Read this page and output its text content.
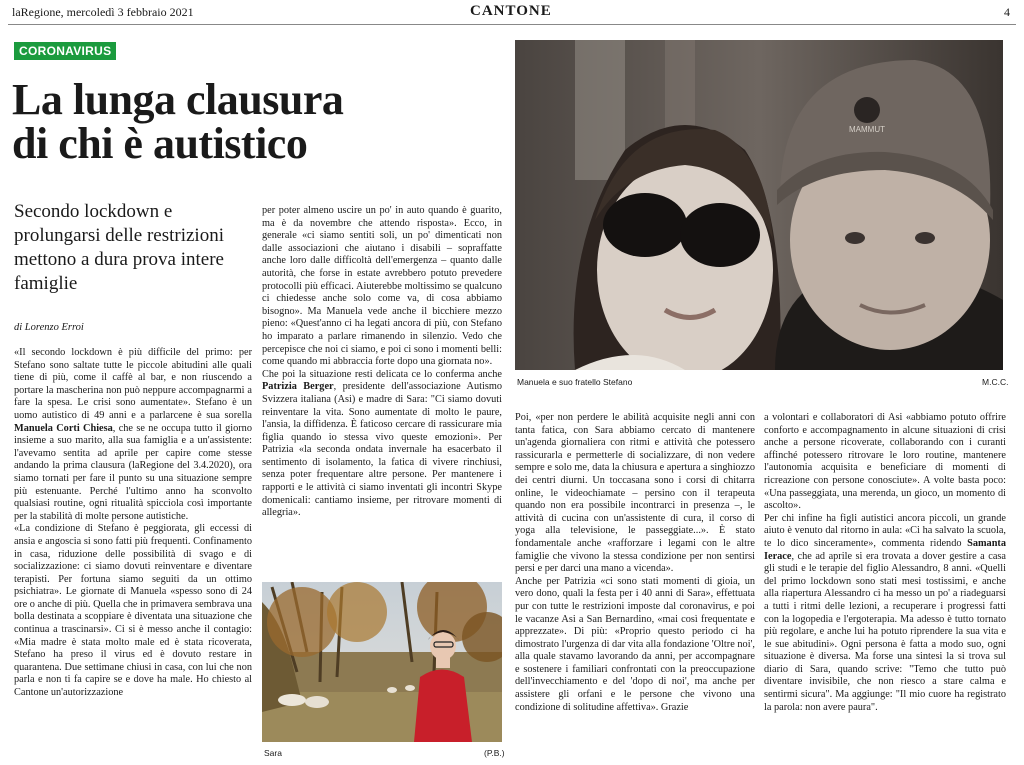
laRegione, mercoledì 3 febbraio 2021	CANTONE	4
CORONAVIRUS
La lunga clausura
di chi è autistico

Secondo lockdown e prolungarsi delle restrizioni mettono a dura prova intere famiglie

di Lorenzo Erroi

«Il secondo lockdown è più difficile del primo: per Stefano sono saltate tutte le piccole abitudini alle quali tiene di più, come il caffè al bar, e non riuscendo a portare la mascherina non può neppure accompagnarmi a fare la spesa. Le crisi sono aumentate». Stefano è un uomo autistico di 49 anni e a parlarcene è sua sorella Manuela Corti Chiesa, che se ne occupa tutto il giorno insieme a suo marito, alla sua famiglia e a un'assistente: l'avevamo sentita ad aprile per capire come stesse andando la prima clausura (laRegione del 3.4.2020), ora siamo tornati per fare il punto su una situazione sempre più estenuante. Perché l'ultimo anno ha sconvolto qualsiasi routine, ogni ritualità spicciola così importante per la stabilità di molte persone autistiche.

«La condizione di Stefano è peggiorata, gli eccessi di ansia e angoscia si sono fatti più frequenti. Confinamento in casa, riduzione delle possibilità di svago e di socializzazione: ci siamo dovuti reinventare e diventare terapisti. Per fortuna siamo seguiti da un ottimo psichiatra». Le giornate di Manuela «spesso sono di 24 ore o anche di più. Quella che in primavera sembrava una bolla destinata a scoppiare è diventata una situazione che continua a trascinarsi». Ci si è messo anche il contagio: «Mia madre è stata molto male ed è stata ricoverata, Stefano ha preso il virus ed è dovuto restare in quarantena. Due settimane chiusi in casa, con lui che non parla e non ti fa capire se e dove ha male. Ho chiesto al Cantone un'autorizzazione

per poter almeno uscire un po' in auto quando è guarito, ma è da novembre che attendo risposta». Ecco, in generale «ci siamo sentiti soli, un po' dimenticati non dalle associazioni che aiutano i disabili – sopraffatte anche loro dalle difficoltà dell'emergenza – quanto dalle autorità, che forse in estate avrebbero potuto prevedere protocolli più efficaci. Aiuterebbe moltissimo se qualcuno ci chiedesse anche solo come va, di cosa abbiamo bisogno». Ma Manuela vede anche il bicchiere mezzo pieno: «Quest'anno ci ha legati ancora di più, con Stefano ho imparato a parlare rimanendo in silenzio. Vedo che percepisce che noi ci siamo, e poi ci sono i momenti belli: come quando mi abbraccia forte dopo una giornata no».

Che poi la situazione resti delicata ce lo conferma anche Patrizia Berger, presidente dell'associazione Autismo Svizzera italiana (Asi) e madre di Sara: "Ci siamo dovuti reinventare la vita. Sono aumentate di molto le paure, l'ansia, la diffidenza. È faticoso cercare di rassicurare mia figlia quando io stessa vivo queste emozioni». Per Patrizia «la seconda ondata invernale ha esacerbato il sentimento di isolamento, la fatica di vivere rinchiusi, senza poter frequentare altre persone. Per mantenere i rapporti e le attività ci siamo inventati gli incontri Skype domenicali: cantiamo insieme, per ritrovare momenti di allegria».

Sara	(P.B.)
MAMMUT
Manuela e suo fratello Stefano	M.C.C.

Poi, «per non perdere le abilità acquisite negli anni con tanta fatica, con Sara abbiamo cercato di mantenere un'agenda giornaliera con ritmi e attività che potessero rassicurarla e permetterle di socializzare, di non vedere sempre e solo me, data la chiusura e apertura a singhiozzo dei centri diurni. Un toccasana sono i corsi di chitarra online, le videochiamate – persino con il terapeuta quando non era possibile incontrarci in presenza –, le attività di cucina con un'assistente di cura, il corso di yoga alla televisione, le passeggiate...». È stato fondamentale anche «rafforzare i legami con le altre famiglie che vivono la stessa condizione per non sentirsi persi e per darci una mano a vicenda».

Anche per Patrizia «ci sono stati momenti di gioia, un vero dono, quali la festa per i 40 anni di Sara», effettuata pur con tutte le restrizioni imposte dal coronavirus, e poi le vacanze Asi a San Bernardino, «mai così frequentate e apprezzate». Di più: «Proprio questo periodo ci ha dimostrato l'urgenza di dar vita alla fondazione 'Oltre noi', alla quale stavamo lavorando da anni, per accompagnare e sostenere i familiari confrontati con la preoccupazione dell'invecchiamento e del 'dopo di noi', ma anche per assistere gli orfani e le persone che vivono una condizione di solitudine affettiva». Grazie

a volontari e collaboratori di Asi «abbiamo potuto offrire conforto e accompagnamento in alcune situazioni di crisi anche a persone ricoverate, collaborando con i curanti affinché potessero ritrovare le loro routine, mantenere l'autonomia acquisita e beneficiare di momenti di ricreazione con persone conosciute». A volte basta poco: «Una passeggiata, una merenda, un gioco, un momento di ascolto».

Per chi infine ha figli autistici ancora piccoli, un grande aiuto è venuto dal ritorno in aula: «Ci ha salvato la scuola, te lo dico sinceramente», commenta ridendo Samanta Ierace, che ad aprile si era trovata a dover gestire a casa gli studi e le terapie del figlio Alessandro, 8 anni. «Quelli del primo lockdown sono stati mesi tostissimi, e anche alla riapertura Alessandro ci ha messo un po' a riadeguarsi a tutti i ritmi delle lezioni, a recuperare i progressi fatti con la logopedia e l'ergoterapia. Ma adesso è tutto tornato più regolare, e anche lui ha potuto riprendere la sua vita e le sue abitudini». Ogni persona è fatta a modo suo, ogni situazione è diversa. Ma forse una sintesi la si trova sul diario di Sara, quando scrive: "Temo che tutto può diventare invisibile, che non riesco a stare calma e sentirmi sicura". Ma aggiunge: "Il mio cuore ha registrato la parola: non avere paura".
